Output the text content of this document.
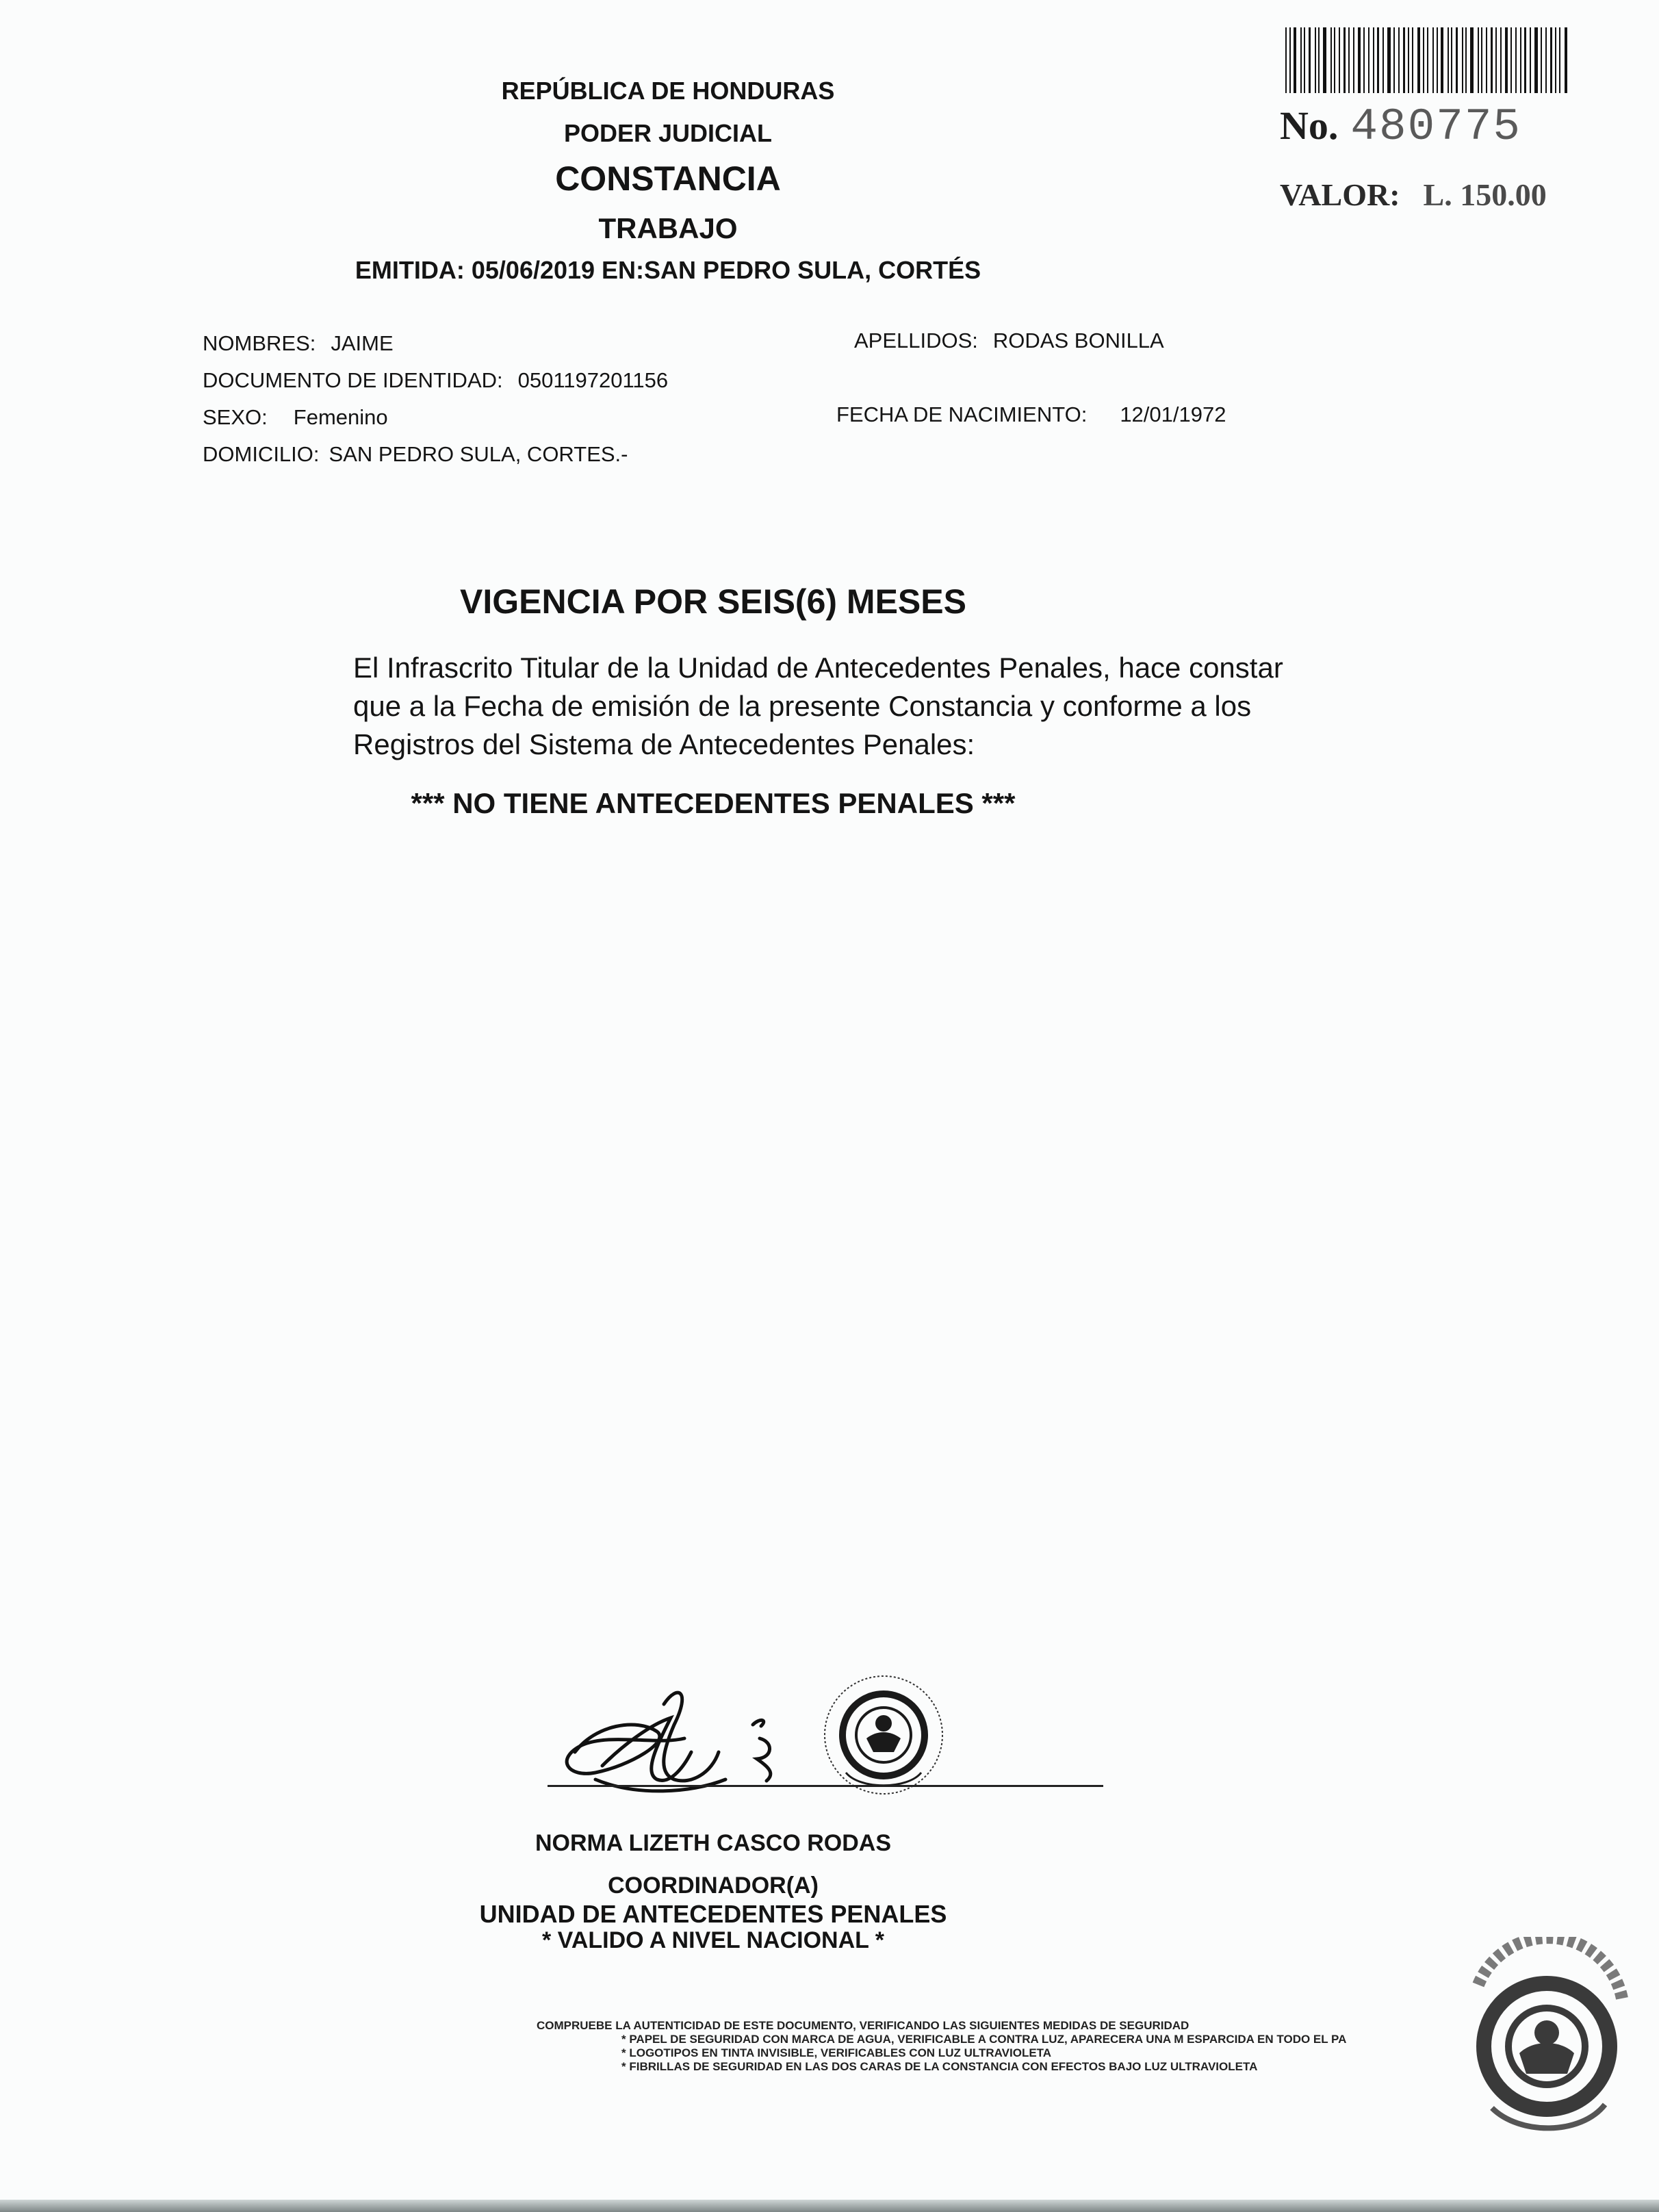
REPÚBLICA DE HONDURAS
PODER JUDICIAL
CONSTANCIA
TRABAJO
EMITIDA: 05/06/2019 EN:SAN PEDRO SULA, CORTÉS
No. 480775
VALOR: L. 150.00
NOMBRES: JAIME	APELLIDOS: RODAS BONILLA
DOCUMENTO DE IDENTIDAD: 0501197201156
SEXO: Femenino	FECHA DE NACIMIENTO: 12/01/1972
DOMICILIO: SAN PEDRO SULA, CORTES.-
VIGENCIA POR SEIS(6) MESES
El Infrascrito Titular de la Unidad de Antecedentes Penales, hace constar
que a la Fecha de emisión de la presente Constancia y conforme a los
Registros del Sistema de Antecedentes Penales:
*** NO TIENE ANTECEDENTES PENALES ***
NORMA LIZETH CASCO RODAS
COORDINADOR(A)
UNIDAD DE ANTECEDENTES PENALES
* VALIDO A NIVEL NACIONAL *
COMPRUEBE LA AUTENTICIDAD DE ESTE DOCUMENTO, VERIFICANDO LAS SIGUIENTES MEDIDAS DE SEGURIDAD
* PAPEL DE SEGURIDAD CON MARCA DE AGUA, VERIFICABLE A CONTRA LUZ, APARECERA UNA M ESPARCIDA EN TODO EL PA
* LOGOTIPOS EN TINTA INVISIBLE, VERIFICABLES CON LUZ ULTRAVIOLETA
* FIBRILLAS DE SEGURIDAD EN LAS DOS CARAS DE LA CONSTANCIA CON EFECTOS BAJO LUZ ULTRAVIOLETA
